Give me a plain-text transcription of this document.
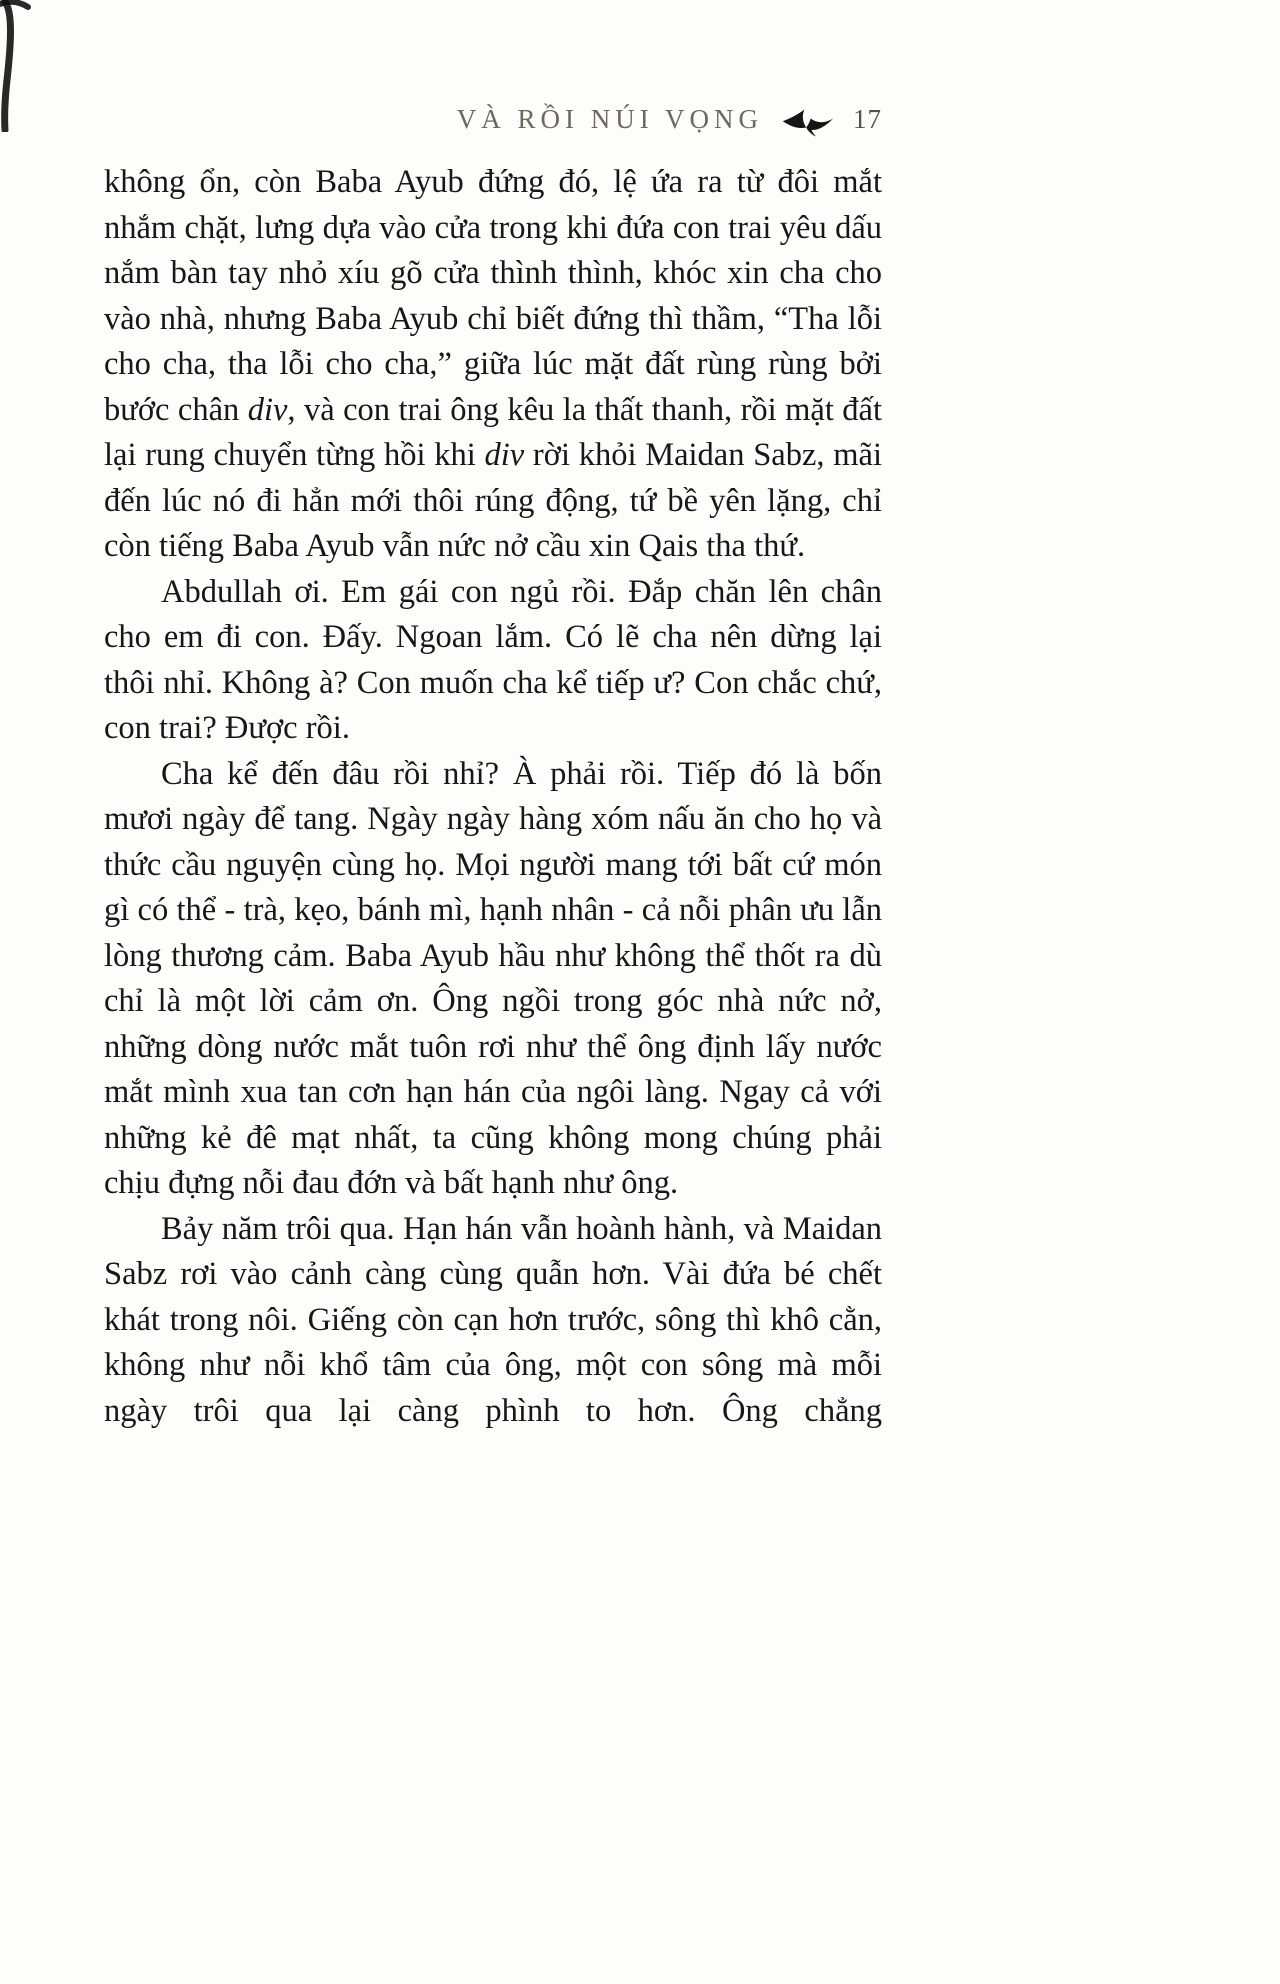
VÀ RỒI NÚI VỌNG	17

không ổn, còn Baba Ayub đứng đó, lệ ứa ra từ đôi mắt nhắm chặt, lưng dựa vào cửa trong khi đứa con trai yêu dấu nắm bàn tay nhỏ xíu gõ cửa thình thình, khóc xin cha cho vào nhà, nhưng Baba Ayub chỉ biết đứng thì thầm, “Tha lỗi cho cha, tha lỗi cho cha,” giữa lúc mặt đất rùng rùng bởi bước chân div, và con trai ông kêu la thất thanh, rồi mặt đất lại rung chuyển từng hồi khi div rời khỏi Maidan Sabz, mãi đến lúc nó đi hẳn mới thôi rúng động, tứ bề yên lặng, chỉ còn tiếng Baba Ayub vẫn nức nở cầu xin Qais tha thứ.

Abdullah ơi. Em gái con ngủ rồi. Đắp chăn lên chân cho em đi con. Đấy. Ngoan lắm. Có lẽ cha nên dừng lại thôi nhỉ. Không à? Con muốn cha kể tiếp ư? Con chắc chứ, con trai? Được rồi.

Cha kể đến đâu rồi nhỉ? À phải rồi. Tiếp đó là bốn mươi ngày để tang. Ngày ngày hàng xóm nấu ăn cho họ và thức cầu nguyện cùng họ. Mọi người mang tới bất cứ món gì có thể - trà, kẹo, bánh mì, hạnh nhân - cả nỗi phân ưu lẫn lòng thương cảm. Baba Ayub hầu như không thể thốt ra dù chỉ là một lời cảm ơn. Ông ngồi trong góc nhà nức nở, những dòng nước mắt tuôn rơi như thể ông định lấy nước mắt mình xua tan cơn hạn hán của ngôi làng. Ngay cả với những kẻ đê mạt nhất, ta cũng không mong chúng phải chịu đựng nỗi đau đớn và bất hạnh như ông.

Bảy năm trôi qua. Hạn hán vẫn hoành hành, và Maidan Sabz rơi vào cảnh càng cùng quẫn hơn. Vài đứa bé chết khát trong nôi. Giếng còn cạn hơn trước, sông thì khô cằn, không như nỗi khổ tâm của ông, một con sông mà mỗi ngày trôi qua lại càng phình to hơn. Ông chẳng
